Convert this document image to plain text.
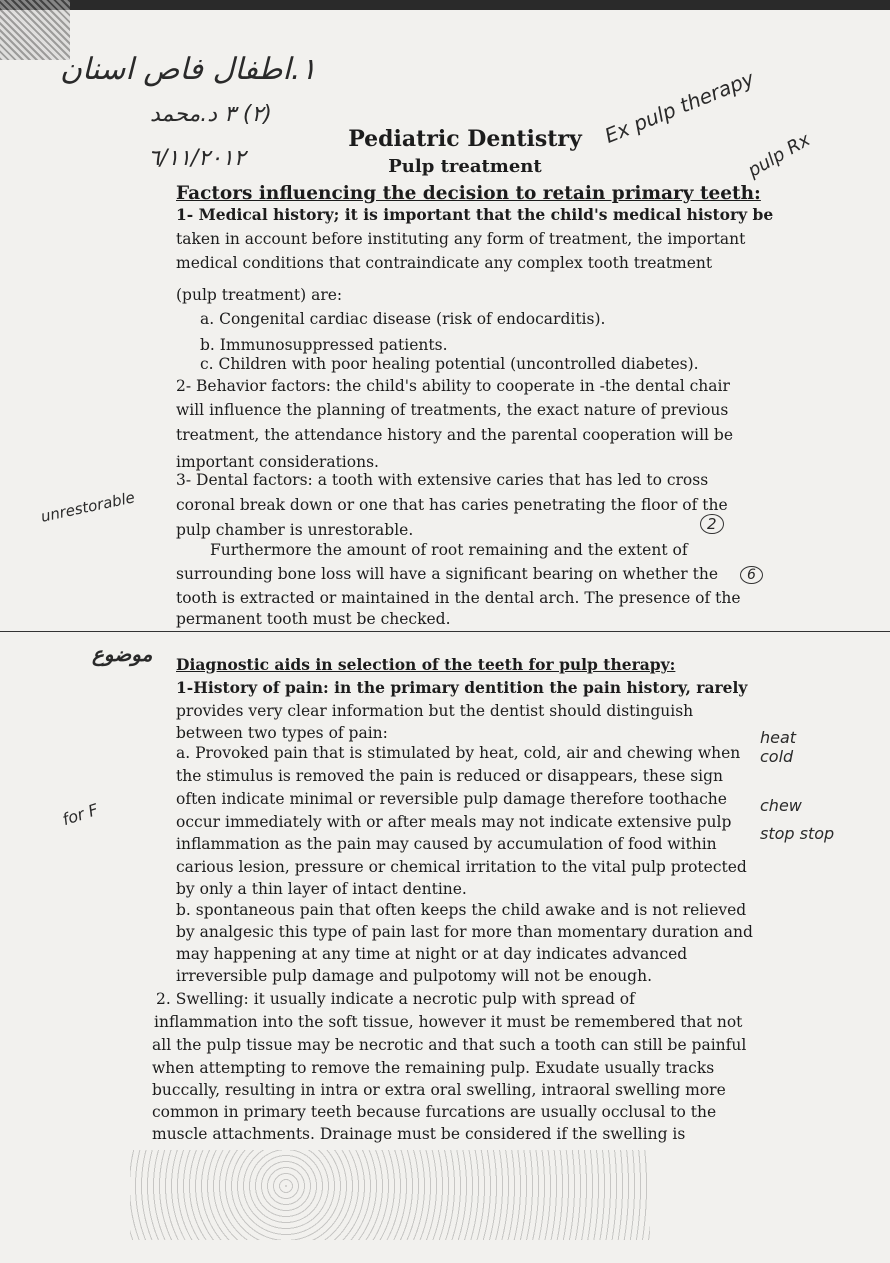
١.اطفال فاص اسنان
(٢) ٣ د.محمد
٦/١١/٢٠١٢
Ex pulp therapy
pulp Rx
unrestorable
موضوع
for F
heat cold
chew stop stop
2
6
Pediatric Dentistry
Pulp treatment
Factors influencing the decision to retain primary teeth:
1- Medical history; it is important that the child's medical history be
taken in account before instituting any form of treatment, the important
medical conditions that contraindicate any complex tooth treatment
(pulp treatment) are:
a. Congenital cardiac disease (risk of endocarditis).
b. Immunosuppressed patients.
c. Children with poor healing potential (uncontrolled diabetes).
2- Behavior factors: the child's ability to cooperate in -the dental chair
will influence the planning of treatments, the exact nature of previous
treatment, the attendance history and the parental cooperation will be
important considerations.
3- Dental factors: a tooth with extensive caries that has led to cross
coronal break down or one that has caries penetrating the floor of the
pulp chamber is unrestorable.
Furthermore the amount of root remaining and the extent of
surrounding bone loss will have a significant bearing on whether the
tooth is extracted or maintained in the dental arch. The presence of the
permanent tooth must be checked.
Diagnostic aids in selection of the teeth for pulp therapy:
1-History of pain: in the primary dentition the pain history, rarely
provides very clear information but the dentist should distinguish
between two types of pain:
a. Provoked pain that is stimulated by heat, cold, air and chewing when
the stimulus is removed the pain is reduced or disappears, these sign
often indicate minimal or reversible pulp damage therefore toothache
occur immediately with or after meals may not indicate extensive pulp
inflammation as the pain may caused by accumulation of food within
carious lesion, pressure or chemical irritation to the vital pulp protected
by only a thin layer of intact dentine.
b. spontaneous pain that often keeps the child awake and is not relieved
by analgesic this type of pain last for more than momentary duration and
may happening at any time at night or at day indicates advanced
irreversible pulp damage and pulpotomy will not be enough.
2. Swelling: it usually indicate a necrotic pulp with spread of
inflammation into the soft tissue, however it must be remembered that not
all the pulp tissue may be necrotic and that such a tooth can still be painful
when attempting to remove the remaining pulp. Exudate usually tracks
buccally, resulting in intra or extra oral swelling, intraoral swelling more
common in primary teeth because furcations are usually occlusal to the
muscle attachments. Drainage must be considered if the swelling is
